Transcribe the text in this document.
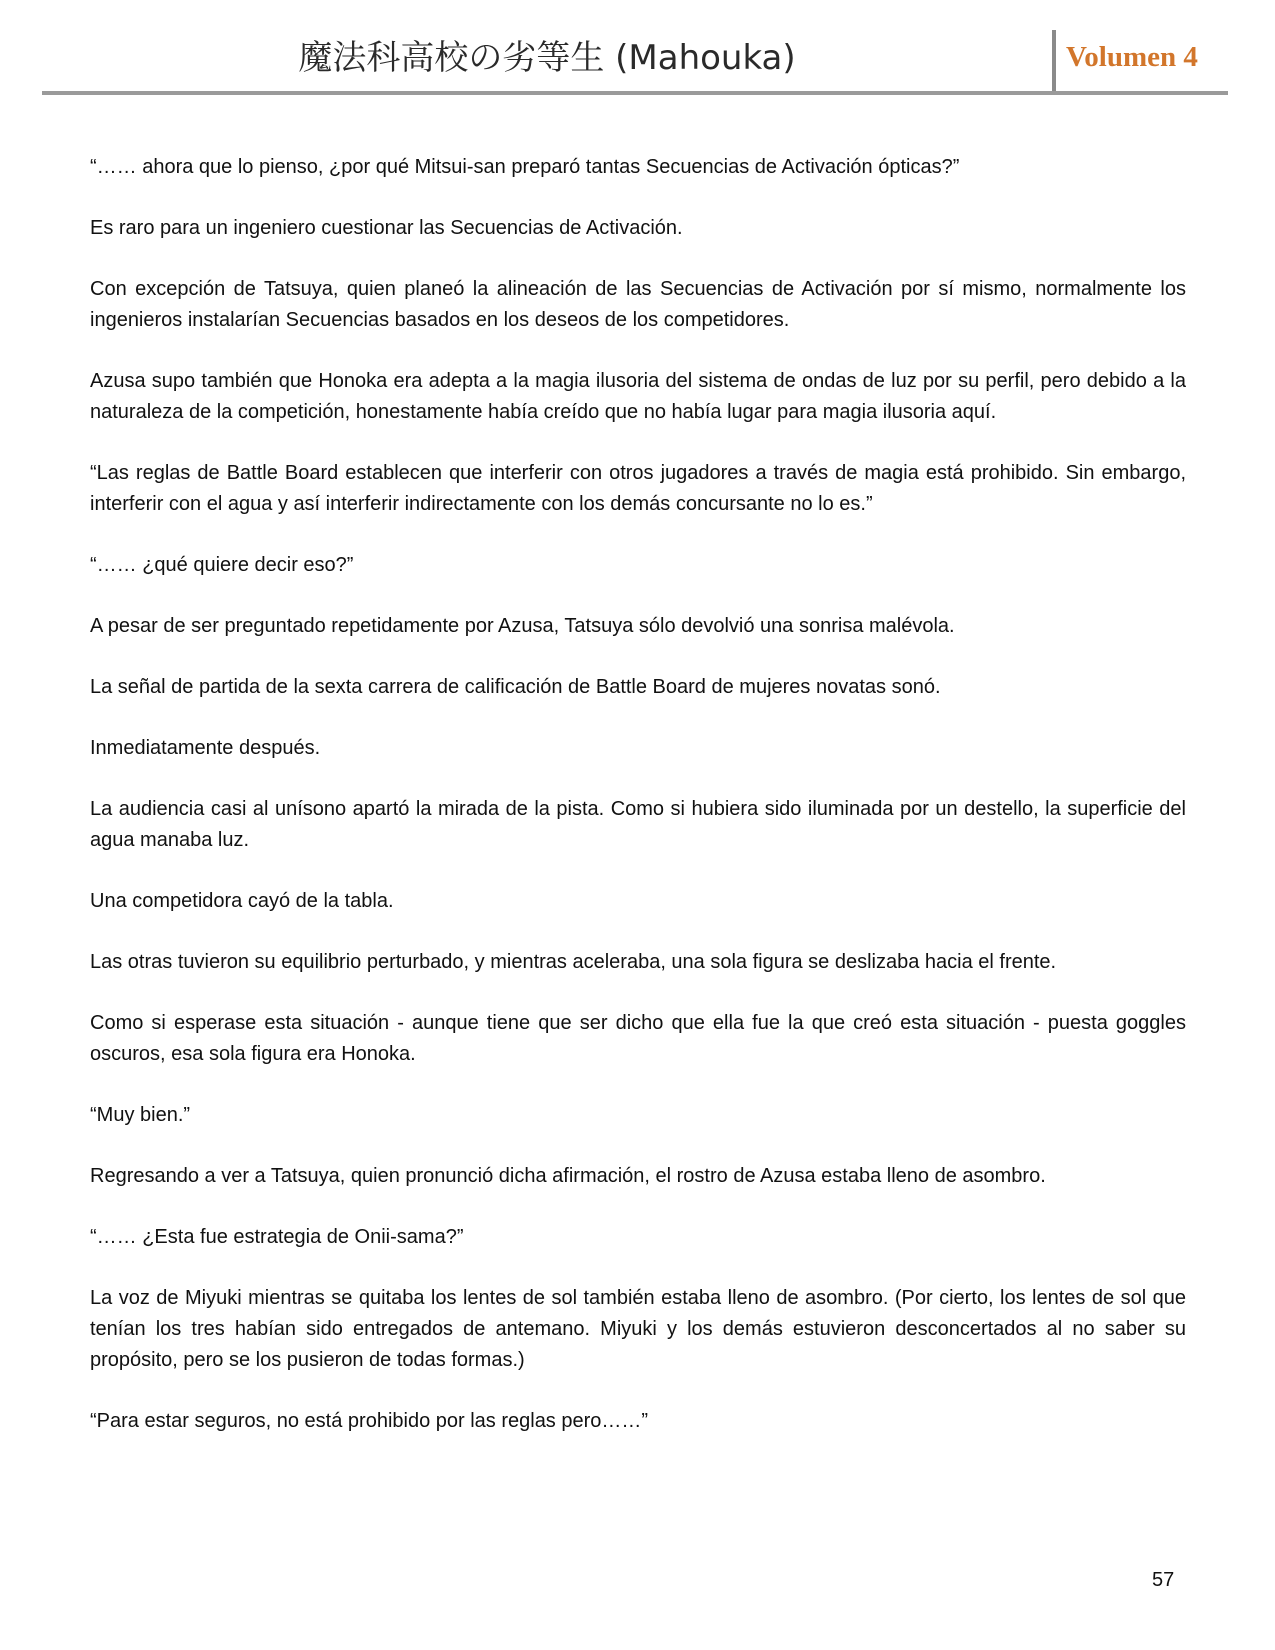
魔法科高校の劣等生 (Mahouka)	Volumen 4

“…… ahora que lo pienso, ¿por qué Mitsui-san preparó tantas Secuencias de Activación ópticas?”

Es raro para un ingeniero cuestionar las Secuencias de Activación.

Con excepción de Tatsuya, quien planeó la alineación de las Secuencias de Activación por sí mismo, normalmente los ingenieros instalarían Secuencias basados en los deseos de los competidores.

Azusa supo también que Honoka era adepta a la magia ilusoria del sistema de ondas de luz por su perfil, pero debido a la naturaleza de la competición, honestamente había creído que no había lugar para magia ilusoria aquí.

“Las reglas de Battle Board establecen que interferir con otros jugadores a través de magia está prohibido. Sin embargo, interferir con el agua y así interferir indirectamente con los demás concursante no lo es.”

“…… ¿qué quiere decir eso?”

A pesar de ser preguntado repetidamente por Azusa, Tatsuya sólo devolvió una sonrisa malévola.

La señal de partida de la sexta carrera de calificación de Battle Board de mujeres novatas sonó.

Inmediatamente después.

La audiencia casi al unísono apartó la mirada de la pista. Como si hubiera sido iluminada por un destello, la superficie del agua manaba luz.

Una competidora cayó de la tabla.

Las otras tuvieron su equilibrio perturbado, y mientras aceleraba, una sola figura se deslizaba hacia el frente.

Como si esperase esta situación - aunque tiene que ser dicho que ella fue la que creó esta situación - puesta goggles oscuros, esa sola figura era Honoka.

“Muy bien.”

Regresando a ver a Tatsuya, quien pronunció dicha afirmación, el rostro de Azusa estaba lleno de asombro.

“…… ¿Esta fue estrategia de Onii-sama?”

La voz de Miyuki mientras se quitaba los lentes de sol también estaba lleno de asombro. (Por cierto, los lentes de sol que tenían los tres habían sido entregados de antemano. Miyuki y los demás estuvieron desconcertados al no saber su propósito, pero se los pusieron de todas formas.)

“Para estar seguros, no está prohibido por las reglas pero……”

57
